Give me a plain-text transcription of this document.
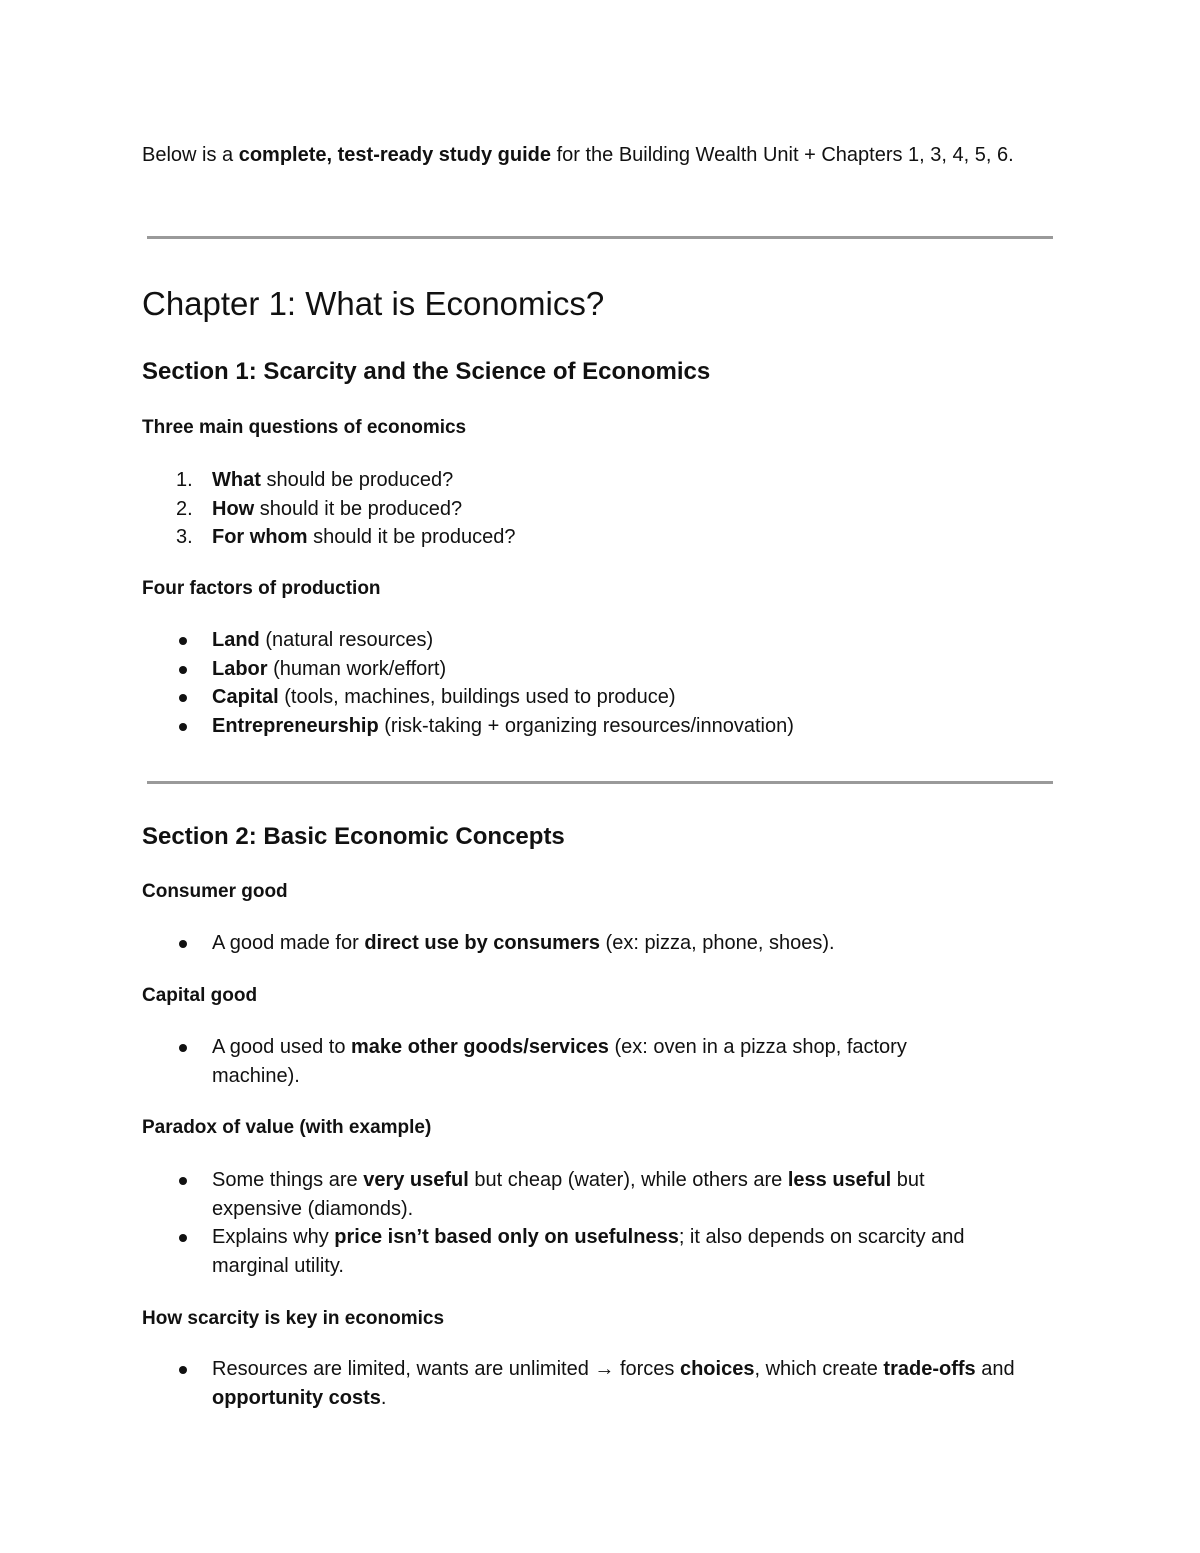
Below is a complete, test-ready study guide for the Building Wealth Unit + Chapters 1, 3, 4, 5, 6.

Chapter 1: What is Economics?
Section 1: Scarcity and the Science of Economics
Three main questions of economics
1. What should be produced?
2. How should it be produced?
3. For whom should it be produced?
Four factors of production
Land (natural resources)
Labor (human work/effort)
Capital (tools, machines, buildings used to produce)
Entrepreneurship (risk-taking + organizing resources/innovation)
Section 2: Basic Economic Concepts
Consumer good
A good made for direct use by consumers (ex: pizza, phone, shoes).
Capital good
A good used to make other goods/services (ex: oven in a pizza shop, factory machine).
Paradox of value (with example)
Some things are very useful but cheap (water), while others are less useful but expensive (diamonds).
Explains why price isn’t based only on usefulness; it also depends on scarcity and marginal utility.
How scarcity is key in economics
Resources are limited, wants are unlimited → forces choices, which create trade-offs and opportunity costs.
